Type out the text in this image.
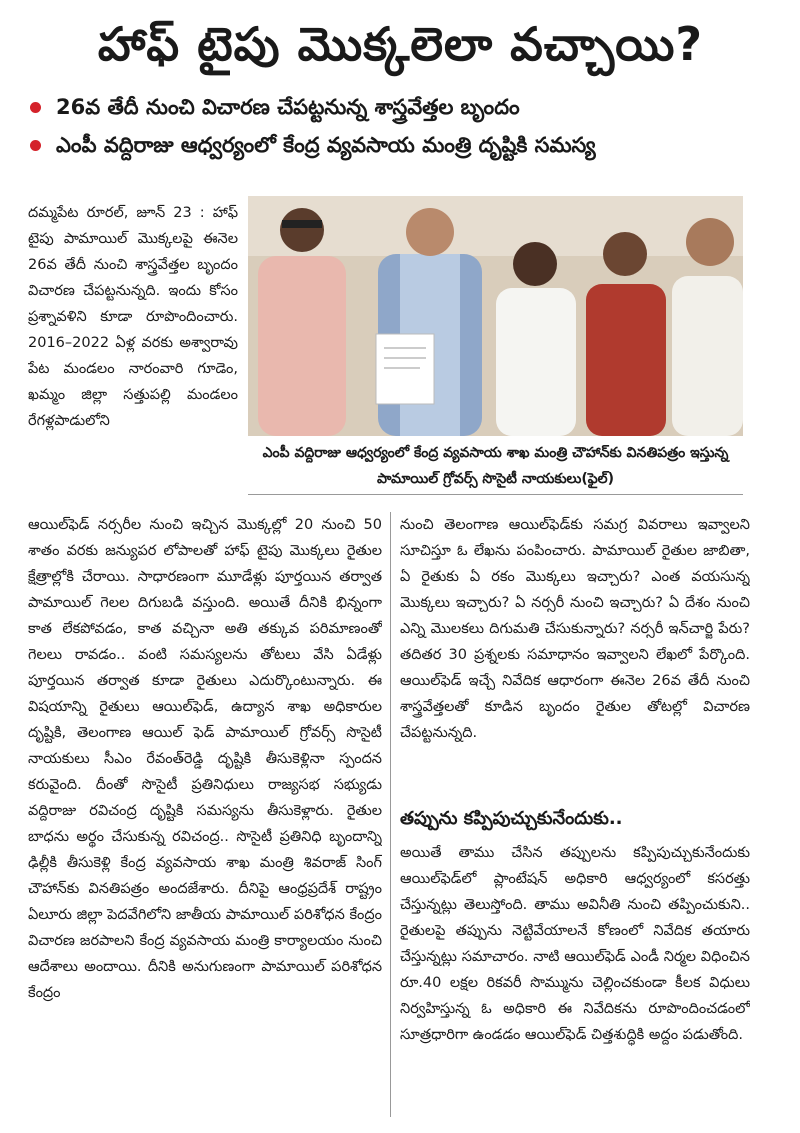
హాఫ్ టైపు మొక్కలెలా వచ్చాయి?
26వ తేదీ నుంచి విచారణ చేపట్టనున్న శాస్త్రవేత్తల బృందం
ఎంపీ వద్దిరాజు ఆధ్వర్యంలో కేంద్ర వ్యవసాయ మంత్రి దృష్టికి సమస్య

దమ్మపేట రూరల్, జూన్ 23 : హాఫ్ టైపు పామాయిల్ మొక్కలపై ఈనెల 26వ తేదీ నుంచి శాస్త్రవేత్తల బృందం విచారణ చేపట్టనున్నది. ఇందు కోసం ప్రశ్నావళిని కూడా రూపొందించారు. 2016–2022 ఏళ్ల వరకు అశ్వారావు పేట మండలం నారంవారి గూడెం, ఖమ్మం జిల్లా సత్తుపల్లి మండలం రేగళ్లపాడులోని

ఎంపీ వద్దిరాజు ఆధ్వర్యంలో కేంద్ర వ్యవసాయ శాఖ మంత్రి చౌహాన్‌కు వినతిపత్రం ఇస్తున్న పామాయిల్ గ్రోవర్స్ సొసైటీ నాయకులు(ఫైల్)

ఆయిల్‌ఫెడ్ నర్సరీల నుంచి ఇచ్చిన మొక్కల్లో 20 నుంచి 50 శాతం వరకు జన్యుపర లోపాలతో హాఫ్ టైపు మొక్కలు రైతుల క్షేత్రాల్లోకి చేరాయి. సాధారణంగా మూడేళ్లు పూర్తయిన తర్వాత పామాయిల్ గెలల దిగుబడి వస్తుంది. అయితే దీనికి భిన్నంగా కాత లేకపోవడం, కాత వచ్చినా అతి తక్కువ పరిమాణంతో గెలలు రావడం.. వంటి సమస్యలను తోటలు వేసి ఏడేళ్లు పూర్తయిన తర్వాత కూడా రైతులు ఎదుర్కొంటున్నారు. ఈ విషయాన్ని రైతులు ఆయిల్‌ఫెడ్, ఉద్యాన శాఖ అధికారుల దృష్టికి, తెలంగాణ ఆయిల్ ఫెడ్ పామాయిల్ గ్రోవర్స్ సొసైటీ నాయకులు సీఎం రేవంత్‌రెడ్డి దృష్టికి తీసుకెళ్లినా స్పందన కరువైంది. దీంతో సొసైటీ ప్రతినిధులు రాజ్యసభ సభ్యుడు వద్దిరాజు రవిచంద్ర దృష్టికి సమస్యను తీసుకెళ్లారు. రైతుల బాధను అర్థం చేసుకున్న రవిచంద్ర.. సొసైటీ ప్రతినిధి బృందాన్ని ఢిల్లీకి తీసుకెళ్లి కేంద్ర వ్యవసాయ శాఖ మంత్రి శివరాజ్ సింగ్ చౌహాన్‌కు వినతిపత్రం అందజేశారు. దీనిపై ఆంధ్రప్రదేశ్ రాష్ట్రం ఏలూరు జిల్లా పెదవేగిలోని జాతీయ పామాయిల్ పరిశోధన కేంద్రం విచారణ జరపాలని కేంద్ర వ్యవసాయ మంత్రి కార్యాలయం నుంచి ఆదేశాలు అందాయి. దీనికి అనుగుణంగా పామాయిల్ పరిశోధన కేంద్రం

నుంచి తెలంగాణ ఆయిల్‌ఫెడ్‌కు సమగ్ర వివరాలు ఇవ్వాలని సూచిస్తూ ఓ లేఖను పంపించారు. పామాయిల్ రైతుల జాబితా, ఏ రైతుకు ఏ రకం మొక్కలు ఇచ్చారు? ఎంత వయసున్న మొక్కలు ఇచ్చారు? ఏ నర్సరీ నుంచి ఇచ్చారు? ఏ దేశం నుంచి ఎన్ని మొలకలు దిగుమతి చేసుకున్నారు? నర్సరీ ఇన్‌చార్జి పేరు? తదితర 30 ప్రశ్నలకు సమాధానం ఇవ్వాలని లేఖలో పేర్కొంది. ఆయిల్‌ఫెడ్ ఇచ్చే నివేదిక ఆధారంగా ఈనెల 26వ తేదీ నుంచి శాస్త్రవేత్తలతో కూడిన బృందం రైతుల తోటల్లో విచారణ చేపట్టనున్నది.

తప్పును కప్పిపుచ్చుకునేందుకు..

అయితే తాము చేసిన తప్పులను కప్పిపుచ్చుకునేందుకు ఆయిల్‌ఫెడ్‌లో ప్లాంటేషన్ అధికారి ఆధ్వర్యంలో కసరత్తు చేస్తున్నట్లు తెలుస్తోంది. తాము అవినీతి నుంచి తప్పించుకుని.. రైతులపై తప్పును నెట్టివేయాలనే కోణంలో నివేదిక తయారు చేస్తున్నట్లు సమాచారం. నాటి ఆయిల్‌ఫెడ్ ఎండీ నిర్మల విధించిన రూ.40 లక్షల రికవరీ సొమ్మును చెల్లించకుండా కీలక విధులు నిర్వహిస్తున్న ఓ అధికారి ఈ నివేదికను రూపొందించడంలో సూత్రధారిగా ఉండడం ఆయిల్‌ఫెడ్ చిత్తశుద్ధికి అద్దం పడుతోంది.
